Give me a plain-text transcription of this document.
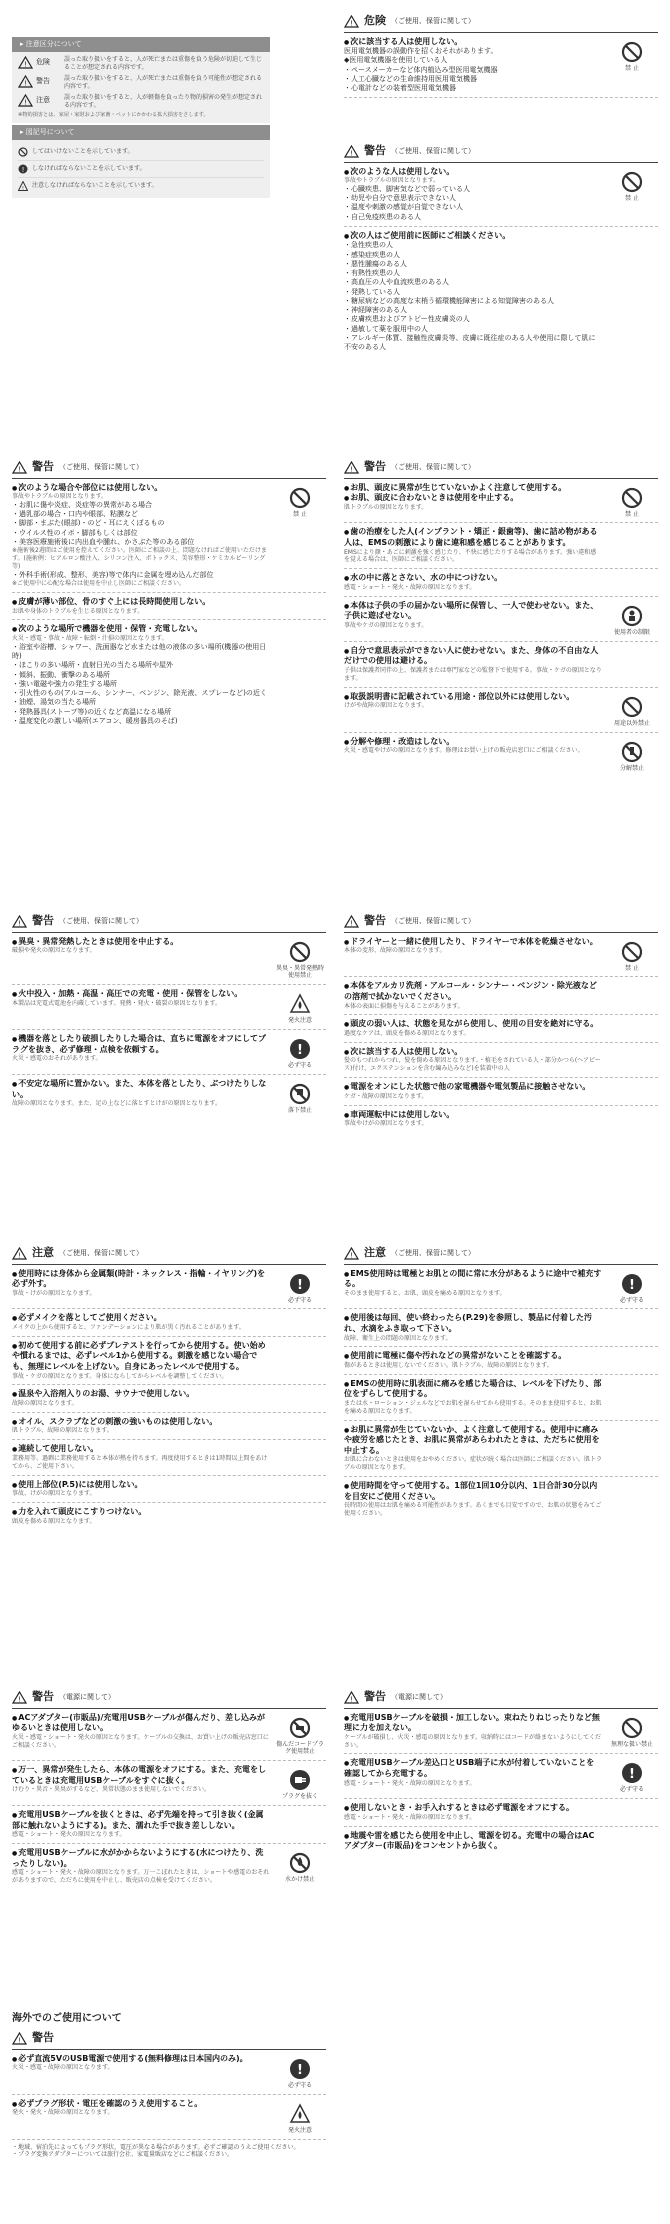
▸ 注意区分について
! 危険 誤った取り扱いをすると、人が死亡または重傷を負う危険が切迫して生じることが想定される内容です。
! 警告 誤った取り扱いをすると、人が死亡または重傷を負う可能性が想定される内容です。
! 注意 誤った取り扱いをすると、人が軽傷を負ったり物的損害の発生が想定される内容です。
※物的損害とは、家屋・家財および家畜・ペットにかかわる拡大損害をさします。
▸ 図記号について
してはいけないことを示しています。
! しなければならないことを示しています。
! 注意しなければならないことを示しています。
! 危険 （ご使用、保管に関して）
● 次に該当する人は使用しない。
医用電気機器の誤動作を招くおそれがあります。
◆医用電気機器を使用している人
・ペースメーカーなど体内植込み型医用電気機器
・人工心臓などの生命維持用医用電気機器
・心電計などの装着型医用電気機器
禁 止
! 警告 （ご使用、保管に関して）
● 次のような人は使用しない。
事故やトラブルの原因となります。
・心臓疾患、脚害気などで弱っている人
・幼児や自分で意思表示できない人
・温度や刺激の感覚が自覚できない人
・自己免疫疾患のある人
禁 止
● 次の人はご使用前に医師にご相談ください。
・急性疾患の人
・感染症疾患の人
・悪性腫瘍のある人
・有熱性疾患の人
・高血圧の人や血流疾患のある人
・発熱している人
・糖尿病などの高度な末梢う循環機能障害による知覚障害のある人
・神経障害のある人
・皮膚疾患およびアトピー性皮膚炎の人
・過敏して薬を服用中の人
・アレルギー体質、接触性皮膚炎等、皮膚に既往症のある人や使用に際して肌に不安のある人
! 警告 （ご使用、保管に関して）
● 次のような場合や部位には使用しない。
事故やトラブルの原因となります。
・お肌に傷や炎症、炎症等の異常がある場合
・過乳部の場合・口内や眼部、粘膜など
・脚部・まぶた(眼部)・のど・耳にえくぼるもの
・ウイルス性のイボ・脚部もしくは部位
・美容医療施術後に内出血や腫れ、かさぶた等のある部位
※施術後2週間はご使用を控えてください。医師にご相談の上、問題なければご使用いただけます。(施術例：ヒアルロン酸注入、シリコン注入、ボトックス、美容整形・ケミカルピーリング等)
・外科手術(形成、整形、美容)等で体内に金属を埋め込んだ部位
※ご使用中に心配な場合は使用を中止し医師にご相談ください。
禁 止
● 皮膚が薄い部位、骨のすぐ上には長時間使用しない。
お肌や身体のトラブルを生じる原因となります。
● 次のような場所で機器を使用・保管・充電しない。
火災・感電・事故・故障・転倒・汁損の原因となります。
・浴室や浴槽、シャワー、洗面器など水または他の液体の多い場所(機器の使用日時)
・ほこりの多い場所・直射日光の当たる場所や屋外
・傾斜、振動、衝撃のある場所
・強い電磁や強力の発生する場所
・引火性のもの(アルコール、シンナー、ベンジン、除光液、スプレーなど)の近く
・油煙、湯気の当たる場所
・発熱器具(ストーブ等)の近くなど高温になる場所
・温度変化の激しい場所(エアコン、暖房器具のそば)
! 警告 （ご使用、保管に関して）
● お肌、頭皮に異常が生じていないかよく注意して使用する。
● お肌、頭皮に合わないときは使用を中止する。
肌トラブルの原因となります。
禁 止
● 歯の治療をした人(インプラント・矯正・銀歯等)、歯に詰め物がある人は、EMSの刺激により歯に違和感を感じることがあります。
EMSにより顔・あごに刺激を強く感じたり、不快に感じたりする場合があります。強い違和感を覚える場合は、医師にご相談ください。
● 水の中に落とさない、水の中につけない。
感電・ショート・発火・故障の原因となります。
● 本体は子供の手の届かない場所に保管し、一人で使わせない。また、子供に遊ばせない。
事故やケガの原因となります。
使用者の制限
● 自分で意思表示ができない人に使わせない。また、身体の不自由な人だけでの使用は避ける。
子供は保護者同伴の上、保護者または専門家などの監督下で使用する。事故・ケガの原因となります。
● 取扱説明書に記載されている用途・部位以外には使用しない。
けがや故障の原因となります。
用途以外禁止
● 分解や修理・改造はしない。
火災・感電やけがの原因となります。修理はお買い上げの販売店窓口にご相談ください。
分解禁止
! 警告 （ご使用、保管に関して）
● 異臭・異常発熱したときは使用を中止する。
破損や発火の原因となります。
異臭・異常発熱時使用禁止
● 火中投入・加熱・高温・高圧での充電・使用・保管をしない。
本製品は充電式電池を内蔵しています。発熱・発火・破裂の原因となります。
発火注意
● 機器を落としたり破損したりした場合は、直ちに電源をオフにしてプラグを抜き、必ず修理・点検を依頼する。
火災・感電のおそれがあります。
!
必ず守る
● 不安定な場所に置かない。また、本体を落としたり、ぶつけたりしない。
故障の原因となります。また、足の上などに落とすとけがの原因となります。
落下禁止
! 警告 （ご使用、保管に関して）
● ドライヤーと一緒に使用したり、ドライヤーで本体を乾燥させない。
本体の変形、故障の原因となります。
禁 止
● 本体をアルカリ洗剤・アルコール・シンナー・ベンジン・除光液などの溶剤で拭かないでください。
本体の表面に損傷を与えることがあります。
● 頭皮の弱い人は、状態を見ながら使用し、使用の目安を絶対に守る。
過度なケアは、頭皮を傷める原因となります。
● 次に該当する人は使用しない。
髪のもつれからつれ、髪を傷める原因となります。・植毛をされている人・部分かつら(ヘアピース)付け、エクステンションを含む編み込みなど)を装着中の人
● 電源をオンにした状態で他の家電機器や電気製品に接触させない。
ケガ・故障の原因となります。
● 車両運転中には使用しない。
事故やけがの原因となります。
! 注意 （ご使用、保管に関して）
● 使用時には身体から金属類(時計・ネックレス・指輪・イヤリング)を必ず外す。
事故・けがの原因となります。
!
必ず守る
● 必ずメイクを落としてご使用ください。
メイクの上から使用すると、ファンデーションにより肌が黒く汚れることがあります。
● 初めて使用する前に必ずプレテストを行ってから使用する。使い始めや慣れるまでは、必ずレベル1から使用する。刺激を感じない場合でも、無理にレベルを上げない。自身にあったレベルで使用する。
事故・ケガの原因となります。身体にならしてからレベルを調整してください。
● 温泉や入浴剤入りのお湯、サウナで使用しない。
故障の原因となります。
● オイル、スクラブなどの刺激の強いものは使用しない。
肌トラブル、故障の原因となります。
● 連続して使用しない。
業務用等、過剰に業務使用すると本体が熱を持ちます。再度使用するときは1時間以上間をあけてから、ご使用下さい。
● 使用上部位(P.5)には使用しない。
事故、けがの原因となります。
● 力を入れて頭皮にこすりつけない。
頭皮を傷める原因となります。
! 注意 （ご使用、保管に関して）
● EMS使用時は電極とお肌との間に常に水分があるように途中で補充する。
そのまま使用すると、お肌、頭皮を痛める原因となります。
!
必ず守る
● 使用後は毎回、使い終わったら(P.29)を参照し、製品に付着した汚れ、水滴をふき取って下さい。
故障、衛生上の問題の原因となります。
● 使用前に電極に傷や汚れなどの異常がないことを確認する。
傷があるときは使用しないでください。肌トラブル、故障の原因となります。
● EMSの使用時に肌表面に痛みを感じた場合は、レベルを下げたり、部位をずらして使用する。
または水・ローション・ジェルなどでお肌を湿らせてから使用する。そのまま使用すると、お肌を痛める原因となります。
● お肌に異常が生じていないか、よく注意して使用する。使用中に痛みや疲労を感じたとき、お肌に異常があらわれたときは、ただちに使用を中止する。
お肌に合わないときは使用をおやめください。症状が続く場合は医師にご相談ください。肌トラブルの原因となります。
● 使用時間を守って使用する。1部位1回10分以内、1日合計30分以内を目安にご使用ください。
長時間の使用はお肌を痛める可能性があります。あくまでも目安ですので、お肌の状態をみてご使用ください。
! 警告 （電源に関して）
● ACアダプター(市販品)/充電用USBケーブルが傷んだり、差し込みがゆるいときは使用しない。
火災・感電・ショート・発火の原因となります。ケーブルの交換は、お買い上げの販売店窓口にご相談ください。	傷んだコードプラグ使用禁止
● 万一、異常が発生したら、本体の電源をオフにする。また、充電をしているときは充電用USBケーブルをすぐに抜く。
けむり・異音・異臭がするなど、異常状態のまま使用しないでください。
プラグを抜く
● 充電用USBケーブルを抜くときは、必ず先端を持って引き抜く(金属部に触れないようにする)。また、濡れた手で抜き差ししない。
感電・ショート・発火の原因となります。
● 充電用USBケーブルに水がかからないようにする(水につけたり、洗ったりしない)。
感電・ショート・発火・故障の原因となります。万一こぼれたときは、ショートや感電のおそれがありますので、ただちに使用を中止し、販売店の点検を受けてください。	水かけ禁止
! 警告 （電源に関して）
● 充電用USBケーブルを破損・加工しない。束ねたりねじったりなど無理に力を加えない。
ケーブルが破損し、火災・感電の原因となります。収納時にはコードが絡まないようにしてください。	無理な扱い禁止
● 充電用USBケーブル差込口とUSB端子に水が付着していないことを確認してから充電する。
感電・ショート・発火・故障の原因となります。
!
必ず守る
● 使用しないとき・お手入れするときは必ず電源をオフにする。
感電・ショート・発火・故障の原因となります。
● 地震や雷を感じたら使用を中止し、電源を切る。充電中の場合はACアダプター(市販品)をコンセントから抜く。
海外でのご使用について
! 警告
● 必ず直流5VのUSB電源で使用する(無料修理は日本国内のみ)。
火災・感電・故障の原因となります。	!
必ず守る
● 必ずプラグ形状・電圧を確認のうえ使用すること。
発火・発火・故障の原因となります。
発火注意
・地域、宿泊先によってもプラグ形状、電圧が異なる場合があります。必ずご確認のうえご使用ください。
・プラグ変換アダプターについては旅行会社、家電量販店などにご相談ください。
